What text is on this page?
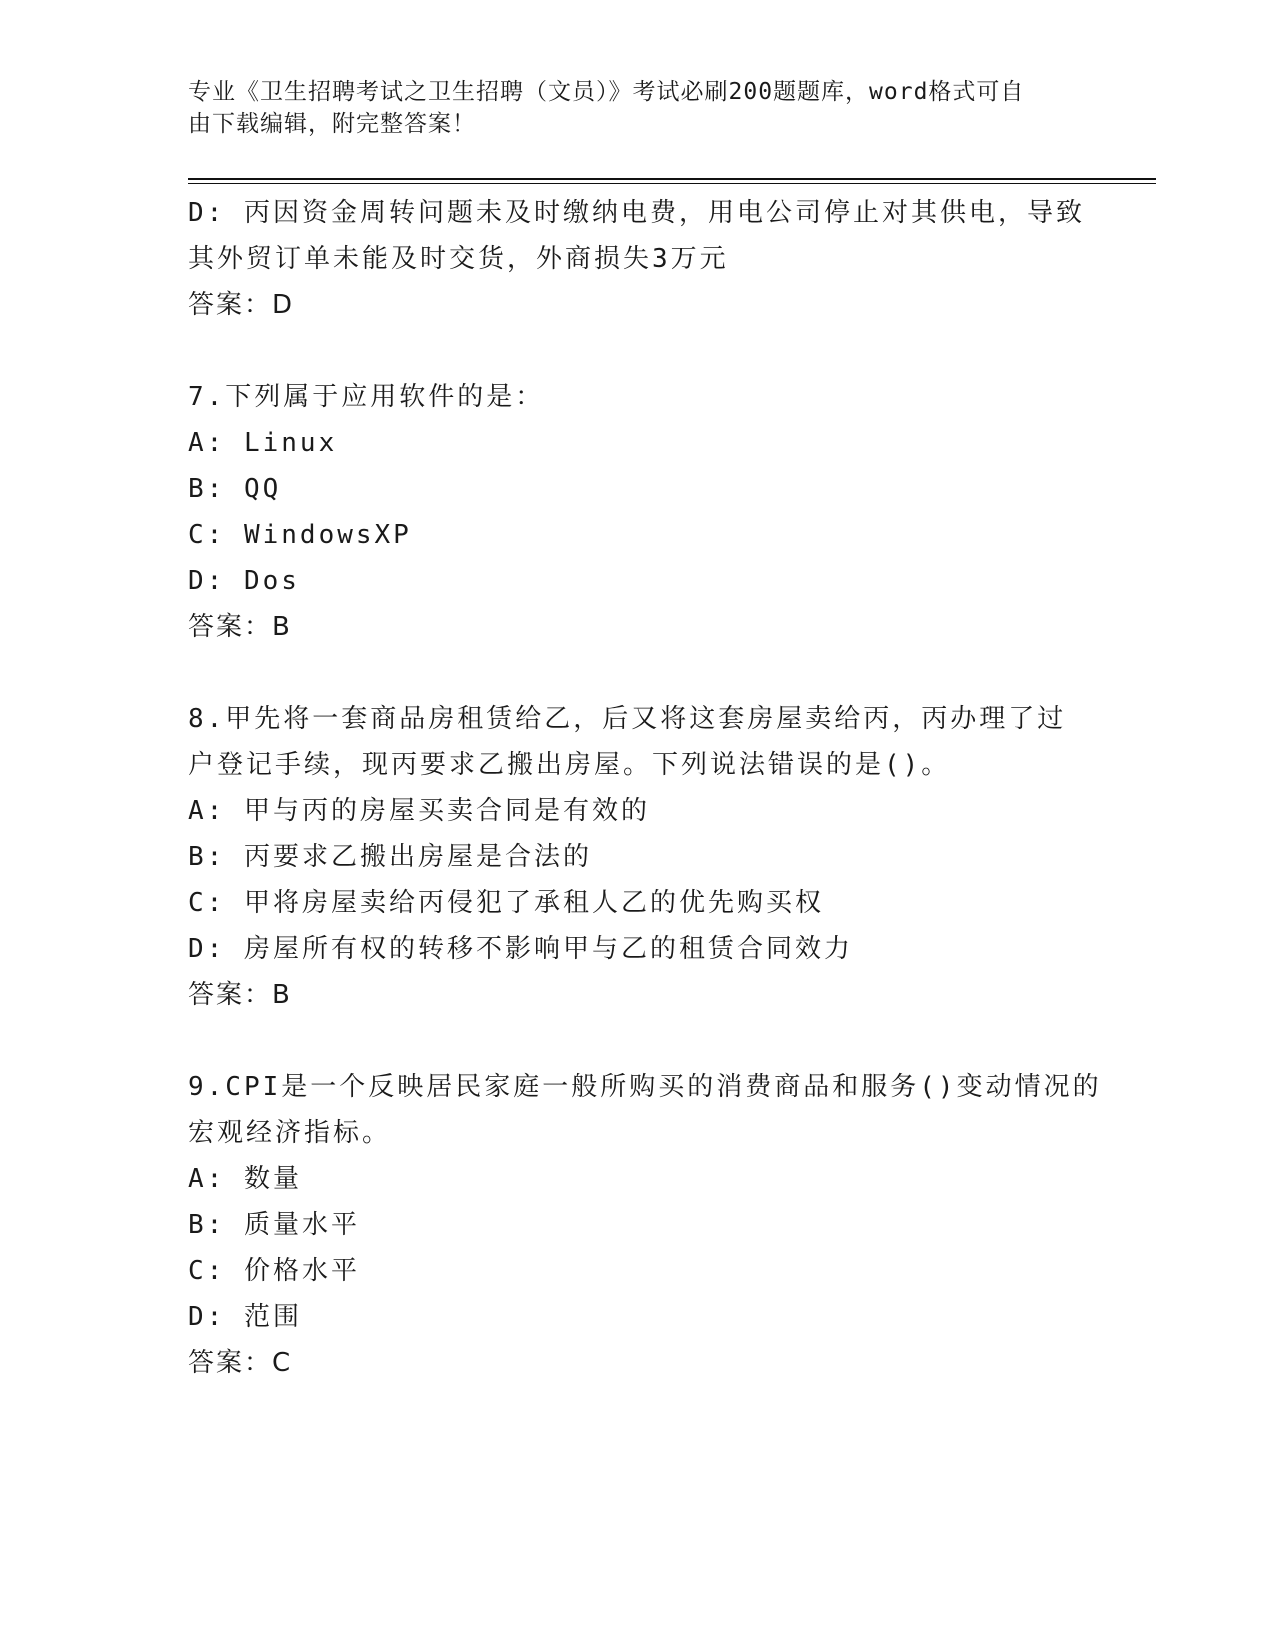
专业《卫生招聘考试之卫生招聘（文员）》考试必刷200题题库，word格式可自
由下载编辑，附完整答案！
D: 丙因资金周转问题未及时缴纳电费，用电公司停止对其供电，导致
其外贸订单未能及时交货，外商损失3万元
答案：D
7.下列属于应用软件的是：
A: Linux
B: QQ
C: WindowsXP
D: Dos
答案：B
8.甲先将一套商品房租赁给乙，后又将这套房屋卖给丙，丙办理了过
户登记手续，现丙要求乙搬出房屋。下列说法错误的是()。
A: 甲与丙的房屋买卖合同是有效的
B: 丙要求乙搬出房屋是合法的
C: 甲将房屋卖给丙侵犯了承租人乙的优先购买权
D: 房屋所有权的转移不影响甲与乙的租赁合同效力
答案：B
9.CPI是一个反映居民家庭一般所购买的消费商品和服务()变动情况的
宏观经济指标。
A: 数量
B: 质量水平
C: 价格水平
D: 范围
答案：C
